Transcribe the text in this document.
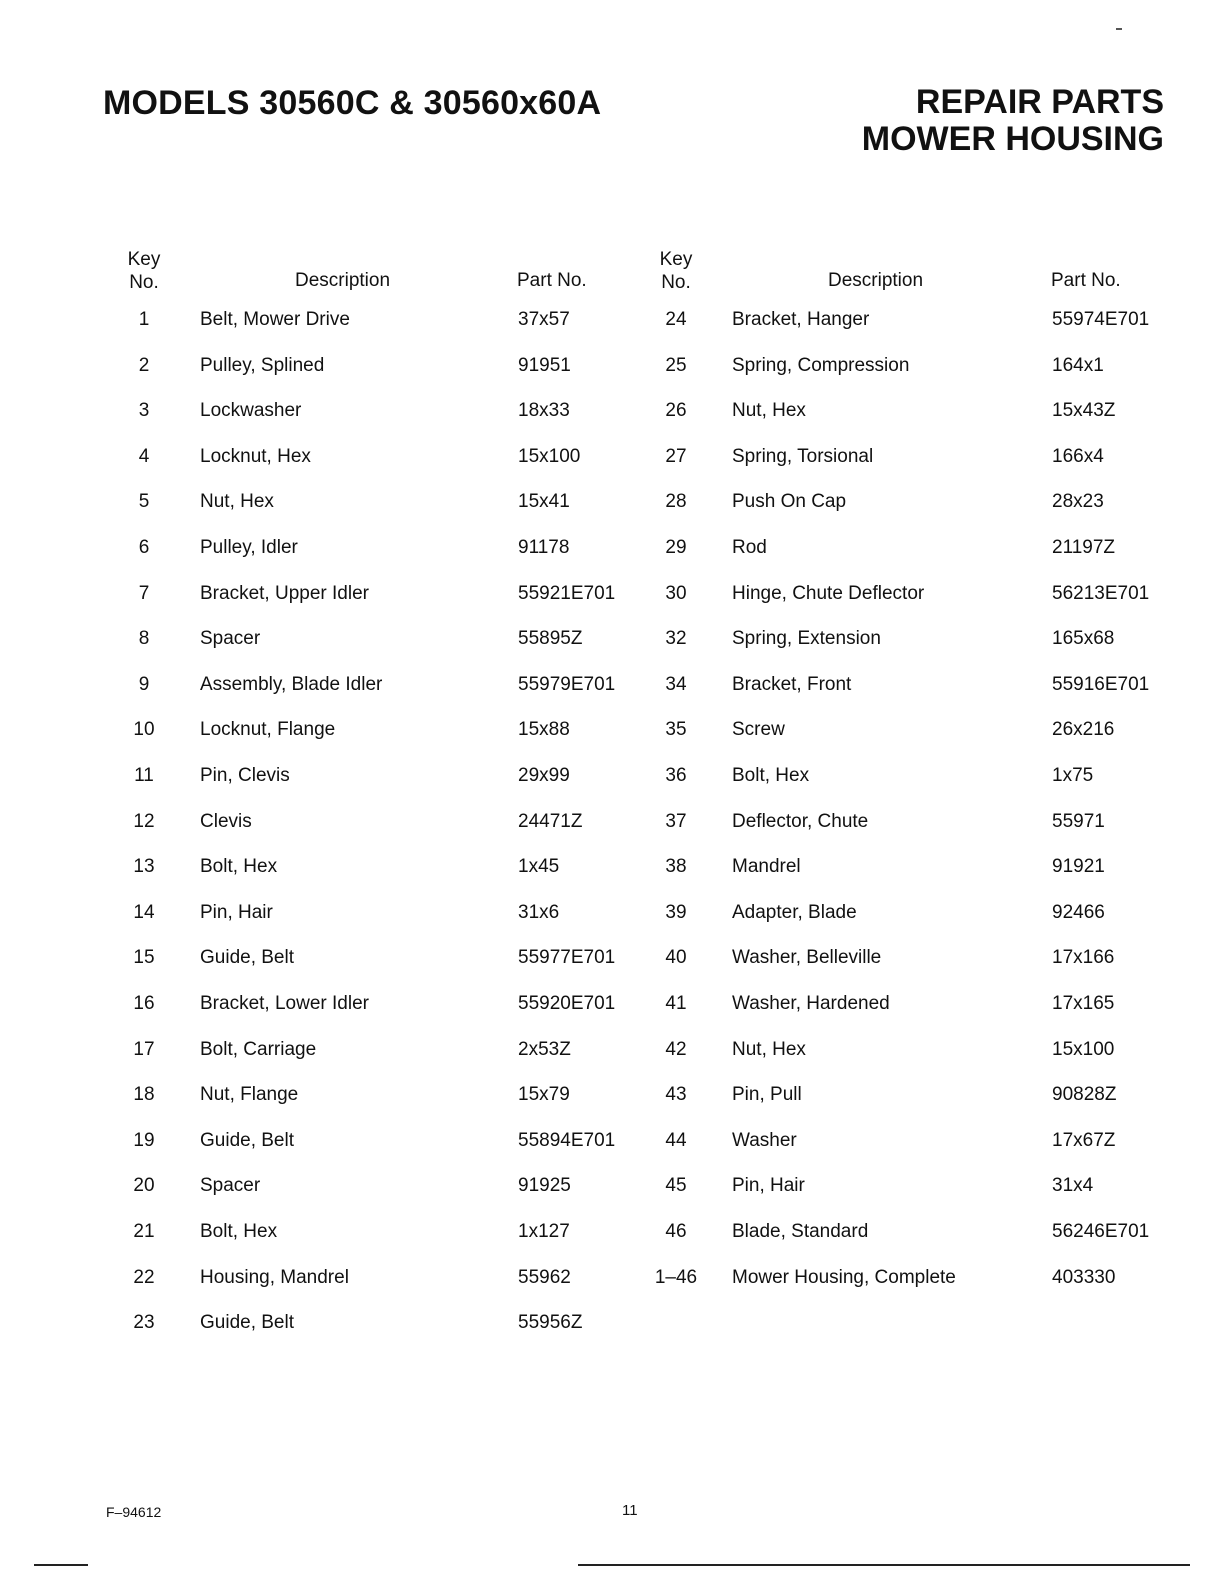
MODELS 30560C & 30560x60A	REPAIR PARTS
MOWER HOUSING
Key
No.	Description	Part No.
Key
No.	Description	Part No.
1	Belt, Mower Drive	37x57
2	Pulley, Splined	91951
3	Lockwasher	18x33
4	Locknut, Hex	15x100
5	Nut, Hex	15x41
6	Pulley, Idler	91178
7	Bracket, Upper Idler	55921E701
8	Spacer	55895Z
9	Assembly, Blade Idler	55979E701
10	Locknut, Flange	15x88
11	Pin, Clevis	29x99
12	Clevis	24471Z
13	Bolt, Hex	1x45
14	Pin, Hair	31x6
15	Guide, Belt	55977E701
16	Bracket, Lower Idler	55920E701
17	Bolt, Carriage	2x53Z
18	Nut, Flange	15x79
19	Guide, Belt	55894E701
20	Spacer	91925
21	Bolt, Hex	1x127
22	Housing, Mandrel	55962
23	Guide, Belt	55956Z
24	Bracket, Hanger	55974E701
25	Spring, Compression	164x1
26	Nut, Hex	15x43Z
27	Spring, Torsional	166x4
28	Push On Cap	28x23
29	Rod	21197Z
30	Hinge, Chute Deflector	56213E701
32	Spring, Extension	165x68
34	Bracket, Front	55916E701
35	Screw	26x216
36	Bolt, Hex	1x75
37	Deflector, Chute	55971
38	Mandrel	91921
39	Adapter, Blade	92466
40	Washer, Belleville	17x166
41	Washer, Hardened	17x165
42	Nut, Hex	15x100
43	Pin, Pull	90828Z
44	Washer	17x67Z
45	Pin, Hair	31x4
46	Blade, Standard	56246E701
1–46	Mower Housing, Complete	403330
F–94612	11
